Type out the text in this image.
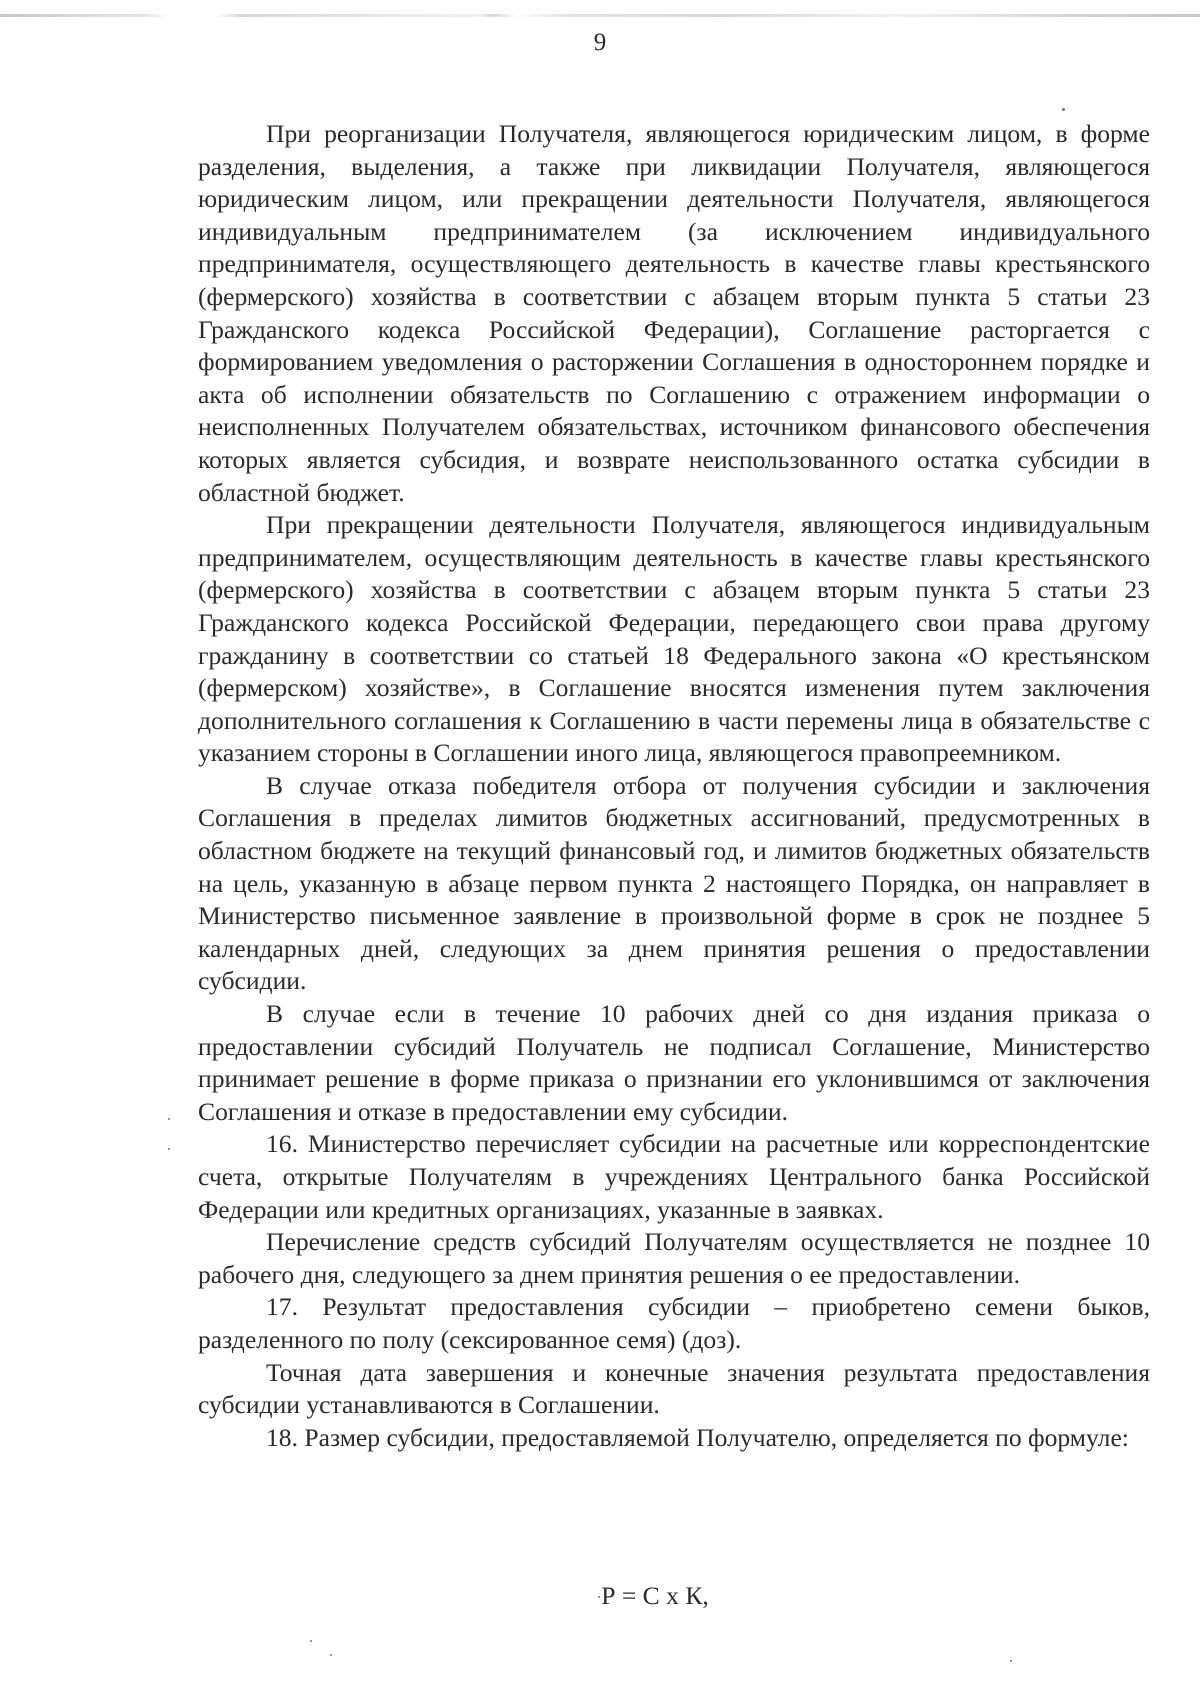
9

При реорганизации Получателя, являющегося юридическим лицом, в форме разделения, выделения, а также при ликвидации Получателя, являющегося юридическим лицом, или прекращении деятельности Получателя, являющегося индивидуальным предпринимателем (за исключением индивидуального предпринимателя, осуществляющего деятельность в качестве главы крестьянского (фермерского) хозяйства в соответствии с абзацем вторым пункта 5 статьи 23 Гражданского кодекса Российской Федерации), Соглашение расторгается с формированием уведомления о расторжении Соглашения в одностороннем порядке и акта об исполнении обязательств по Соглашению с отражением информации о неисполненных Получателем обязательствах, источником финансового обеспечения которых является субсидия, и возврате неиспользованного остатка субсидии в областной бюджет.

При прекращении деятельности Получателя, являющегося индивидуальным предпринимателем, осуществляющим деятельность в качестве главы крестьянского (фермерского) хозяйства в соответствии с абзацем вторым пункта 5 статьи 23 Гражданского кодекса Российской Федерации, передающего свои права другому гражданину в соответствии со статьей 18 Федерального закона «О крестьянском (фермерском) хозяйстве», в Соглашение вносятся изменения путем заключения дополнительного соглашения к Соглашению в части перемены лица в обязательстве с указанием стороны в Соглашении иного лица, являющегося правопреемником.

В случае отказа победителя отбора от получения субсидии и заключения Соглашения в пределах лимитов бюджетных ассигнований, предусмотренных в областном бюджете на текущий финансовый год, и лимитов бюджетных обязательств на цель, указанную в абзаце первом пункта 2 настоящего Порядка, он направляет в Министерство письменное заявление в произвольной форме в срок не позднее 5 календарных дней, следующих за днем принятия решения о предоставлении субсидии.

В случае если в течение 10 рабочих дней со дня издания приказа о предоставлении субсидий Получатель не подписал Соглашение, Министерство принимает решение в форме приказа о признании его уклонившимся от заключения Соглашения и отказе в предоставлении ему субсидии.

16. Министерство перечисляет субсидии на расчетные или корреспондентские счета, открытые Получателям в учреждениях Центрального банка Российской Федерации или кредитных организациях, указанные в заявках.

Перечисление средств субсидий Получателям осуществляется не позднее 10 рабочего дня, следующего за днем принятия решения о ее предоставлении.

17. Результат предоставления субсидии – приобретено семени быков, разделенного по полу (сексированное семя) (доз).

Точная дата завершения и конечные значения результата предоставления субсидии устанавливаются в Соглашении.

18. Размер субсидии, предоставляемой Получателю, определяется по формуле:

Р = С х К,
